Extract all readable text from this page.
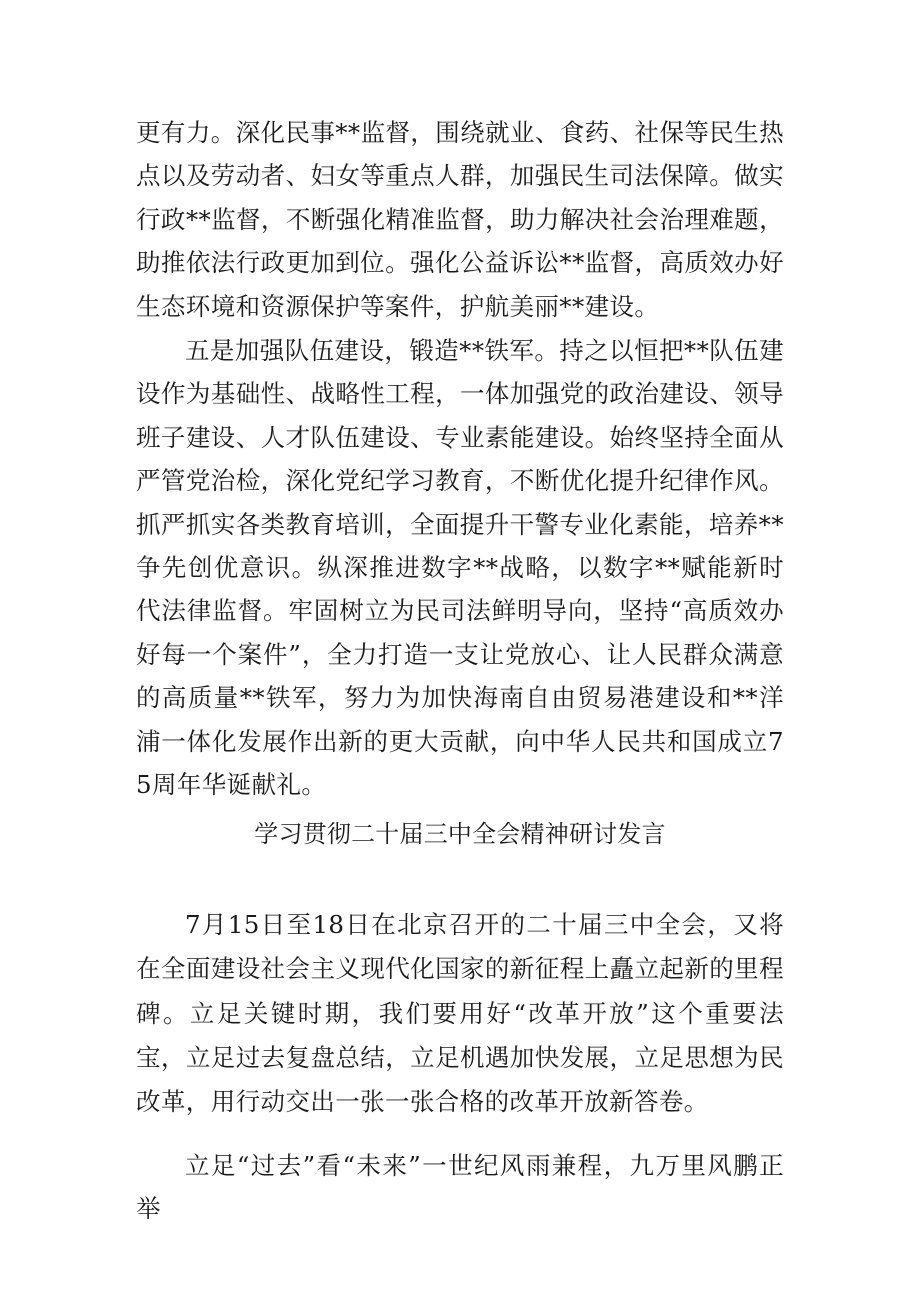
更有力。深化民事**监督，围绕就业、食药、社保等民生热点以及劳动者、妇女等重点人群，加强民生司法保障。做实行政**监督，不断强化精准监督，助力解决社会治理难题，助推依法行政更加到位。强化公益诉讼**监督，高质效办好生态环境和资源保护等案件，护航美丽**建设。

五是加强队伍建设，锻造**铁军。持之以恒把**队伍建设作为基础性、战略性工程，一体加强党的政治建设、领导班子建设、人才队伍建设、专业素能建设。始终坚持全面从严管党治检，深化党纪学习教育，不断优化提升纪律作风。抓严抓实各类教育培训，全面提升干警专业化素能，培养**争先创优意识。纵深推进数字**战略，以数字**赋能新时代法律监督。牢固树立为民司法鲜明导向，坚持“高质效办好每一个案件”，全力打造一支让党放心、让人民群众满意的高质量**铁军，努力为加快海南自由贸易港建设和**洋浦一体化发展作出新的更大贡献，向中华人民共和国成立75周年华诞献礼。

学习贯彻二十届三中全会精神研讨发言

7月15日至18日在北京召开的二十届三中全会，又将在全面建设社会主义现代化国家的新征程上矗立起新的里程碑。立足关键时期，我们要用好“改革开放”这个重要法宝，立足过去复盘总结，立足机遇加快发展，立足思想为民改革，用行动交出一张一张合格的改革开放新答卷。

立足“过去”看“未来”一世纪风雨兼程，九万里风鹏正举
